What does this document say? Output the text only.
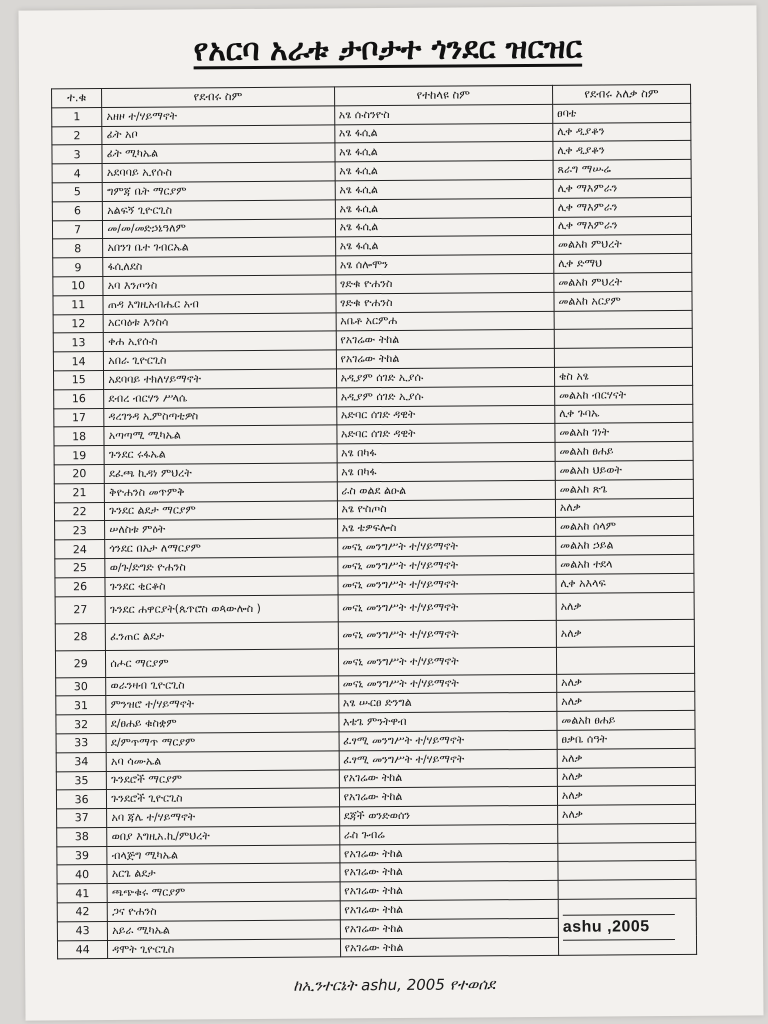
የአርባ አራቱ ታቦታተ ጎንደር ዝርዝር
ተ.ቁ	የደብሩ ስም	የተከላዩ ስም	የደብሩ አለቃ ስም
1	አዘዞ ተ/ሃይማኖት	አፄ ሱስንዮስ	ፀባቴ
2	ፊት አቦ	አፄ ፋሲል	ሊቀ ዲያቆን
3	ፊት ሚካኤል	አፄ ፋሲል	ሊቀ ዲያቆን
4	አደባባይ ኢየሱስ	አፄ ፋሲል	ጸራግ ማሡሬ
5	ግምጃ ቤት ማርያም	አፄ ፋሲል	ሊቀ ማእምራን
6	አልፍኝ ጊዮርጊስ	አፄ ፋሲል	ሊቀ ማእምራን
7	መ/መ/መድኃኔዓለም	አፄ ፋሲል	ሊቀ ማእምራን
8	አበንገ ቤተ ገብርኤል	አፄ ፋሲል	መልአከ ምህረት
9	ፋሲለደስ	አፄ ሰሎሞን	ሊቀ ድማህ
10	አባ እንጦንስ	ፃድቁ ዮሐንስ	መልአከ ምህረት
11	ጠዳ እግዚአብሔር አብ	ፃድቁ ዮሐንስ	መልአከ አርያም
12	አርባዕቱ እንስሳ	አቤቶ አርምሐ	
13	ቀሐ ኢየሱስ	የአገሬው ትከል	
14	አበራ ጊዮርጊስ	የአገሬው ትከል	
15	አደባባይ ተክለሃይማኖት	አዲያም ሰገድ ኢያሱ	ቄስ አፄ
16	ደብረ ብርሃን ሥላሴ	አዲያም ሰገድ ኢያሱ	መልአከ ብርሃናት
17	ዳረገንዳ ኢምስጣቲዎስ	አድባር ሰገድ ዳዊት	ሊቀ ጉባኤ
18	አጣጣሚ ሚካኤል	አድባር ሰገድ ዳዊት	መልአከ ገነት
19	ጉንደር ሩፋኤል	አፄ በካፋ	መልአከ ፀሐይ
20	ደፈጫ ኪዳነ ምህረት	አፄ በካፋ	መልአከ ህይወት
21	ቅዮሐንስ መጥምቅ	ራስ ወልደ ልዑል	መልአከ ጽጌ
22	ጉንደር ልደታ ማርያም	አፄ ዮስጦስ	አለቃ
23	ሠለስቱ ምዕት	አፄ ቴዎፍሎስ	መልአከ ሰላም
24	ጎንደር በአታ ለማርያም	መናኒ መንግሥት ተ/ሃይማኖት	መልአከ ኃይል
25	ወ/ጉ/ድግድ ዮሐንስ	መናኒ መንግሥት ተ/ሃይማኖት	መልአከ ተደላ
26	ጉንደር ቂርቆስ	መናኒ መንግሥት ተ/ሃይማኖት	ሊቀ አእላፍ
27	ጉንደር ሐዋርያት(ጴጥሮስ ወጳውሎስ )	መናኒ መንግሥት ተ/ሃይማኖት	አለቃ
28	ፈንጠር ልደታ	መናኒ መንግሥት ተ/ሃይማኖት	አለቃ
29	ሰሖር ማርያም	መናኒ መንግሥት ተ/ሃይማኖት	
30	ወራንዛብ ጊዮርጊስ	መናኒ መንግሥት ተ/ሃይማኖት	አለቃ
31	ምንዝሮ ተ/ሃይማኖት	አፄ ሡርፀ ድንግል	አለቃ
32	ደ/ፀሐይ ቁስቋም	እቴጌ ምንትዋብ	መልአከ ፀሐይ
33	ደ/ምጥማጥ ማርያም	ፈፃሚ መንግሥት ተ/ሃይማኖት	ፀቃቤ ሰዓት
34	አባ ሳሙኤል	ፈፃሚ መንግሥት ተ/ሃይማኖት	አለቃ
35	ጉንደሮች ማርያም	የአገሬው ትከል	አለቃ
36	ጉንደሮች ጊዮርጊስ	የአገሬው ትከል	አለቃ
37	አባ ጃሌ ተ/ሃይማኖት	ደጃች ወንድወሰን	አለቃ
38	ወበያ እግዚአ.ኪ/ምህረት	ራስ ጉብሬ	
39	ብላጅግ ሚካኤል	የአገሬው ትከል	
40	አርጌ ልደታ	የአገሬው ትከል	
41	ጫጭቁሩ ማርያም	የአገሬው ትከል	
42	ጋና ዮሐንስ	የአገሬው ትከል	ashu ,2005
43	አይራ ሚካኤል	የአገሬው ትከል	
44	ዳሞት ጊዮርጊስ	የአገሬው ትከል	
ከኢንተርኔት ashu, 2005 የተወሰደ
